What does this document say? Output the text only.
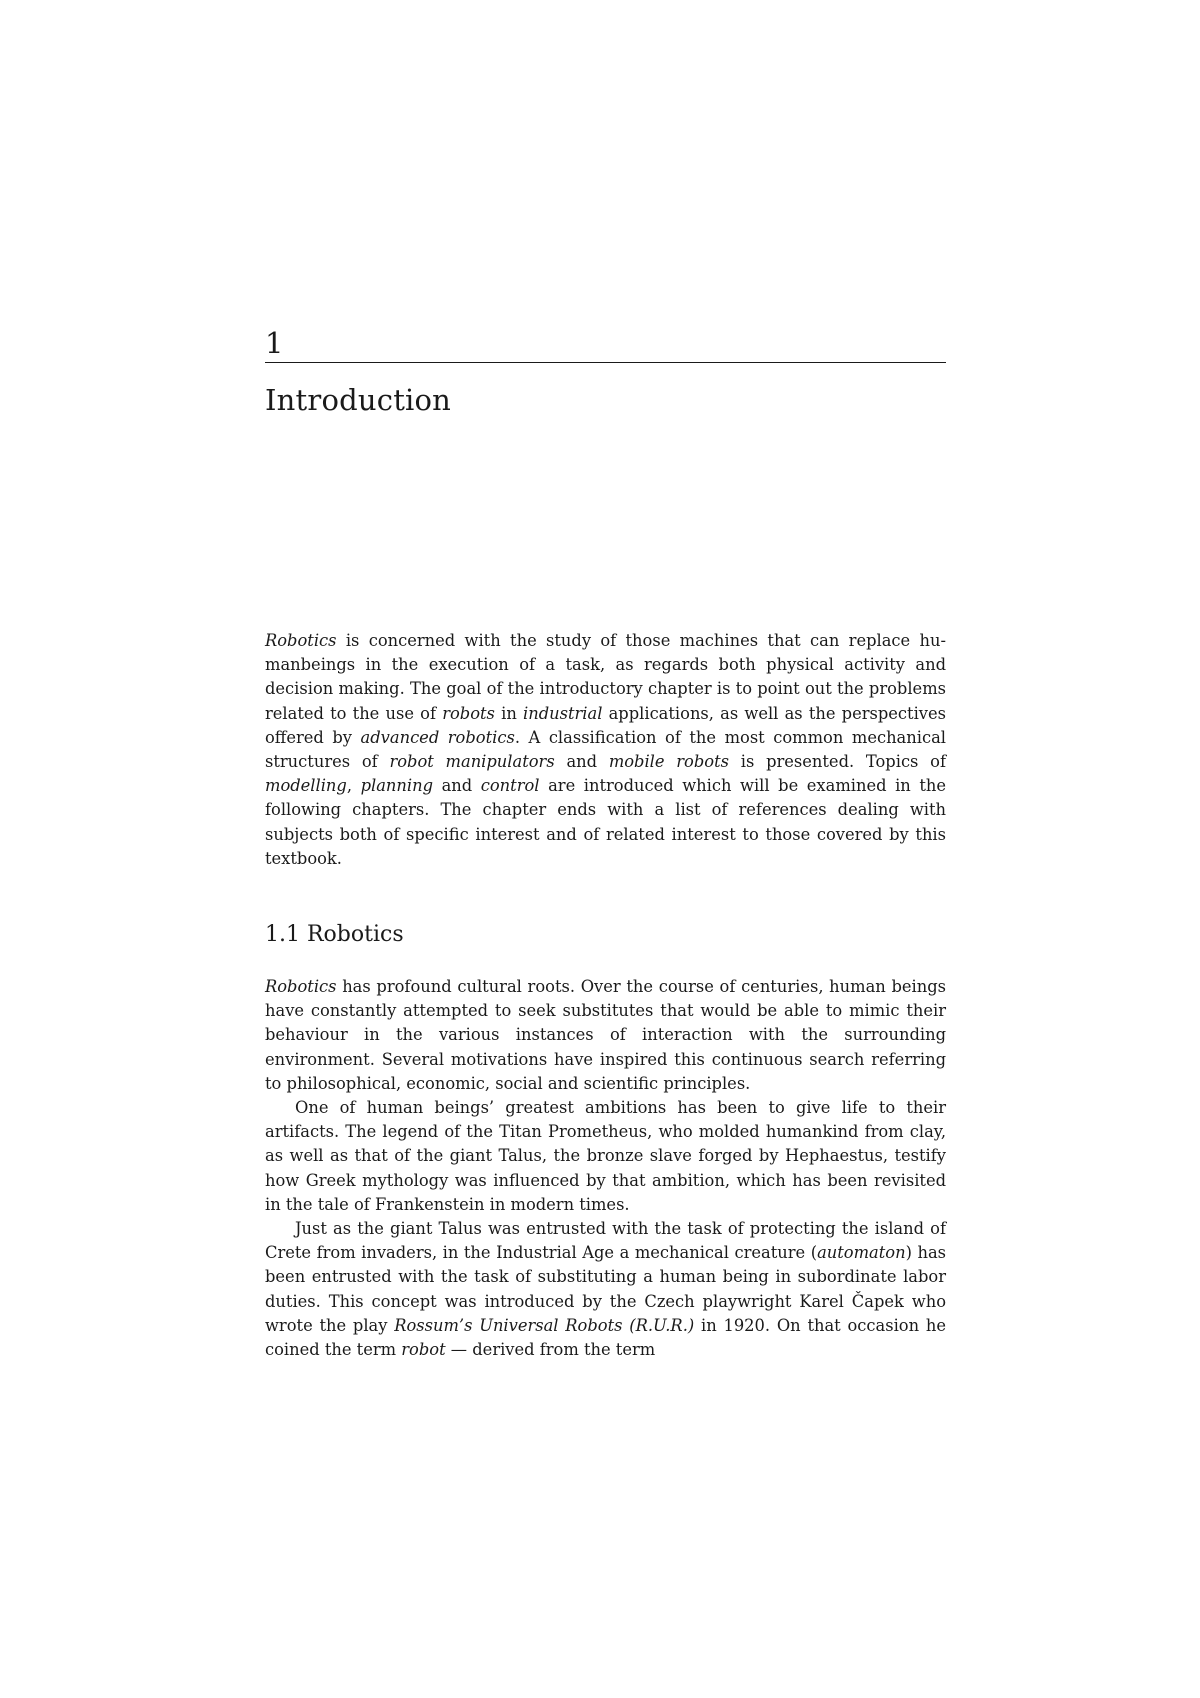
1
Introduction

Robotics is concerned with the study of those machines that can replace humanbeings in the execution of a task, as regards both physical activity and decision making. The goal of the introductory chapter is to point out the problems related to the use of robots in industrial applications, as well as the perspectives offered by advanced robotics. A classification of the most common mechanical structures of robot manipulators and mobile robots is presented. Topics of modelling, planning and control are introduced which will be examined in the following chapters. The chapter ends with a list of references dealing with subjects both of specific interest and of related interest to those covered by this textbook.

1.1 Robotics

Robotics has profound cultural roots. Over the course of centuries, human beings have constantly attempted to seek substitutes that would be able to mimic their behaviour in the various instances of interaction with the surrounding environment. Several motivations have inspired this continuous search referring to philosophical, economic, social and scientific principles.

One of human beings’ greatest ambitions has been to give life to their artifacts. The legend of the Titan Prometheus, who molded humankind from clay, as well as that of the giant Talus, the bronze slave forged by Hephaestus, testify how Greek mythology was influenced by that ambition, which has been revisited in the tale of Frankenstein in modern times.

Just as the giant Talus was entrusted with the task of protecting the island of Crete from invaders, in the Industrial Age a mechanical creature (automaton) has been entrusted with the task of substituting a human being in subordinate labor duties. This concept was introduced by the Czech playwright Karel Čapek who wrote the play Rossum’s Universal Robots (R.U.R.) in 1920. On that occasion he coined the term robot — derived from the term
